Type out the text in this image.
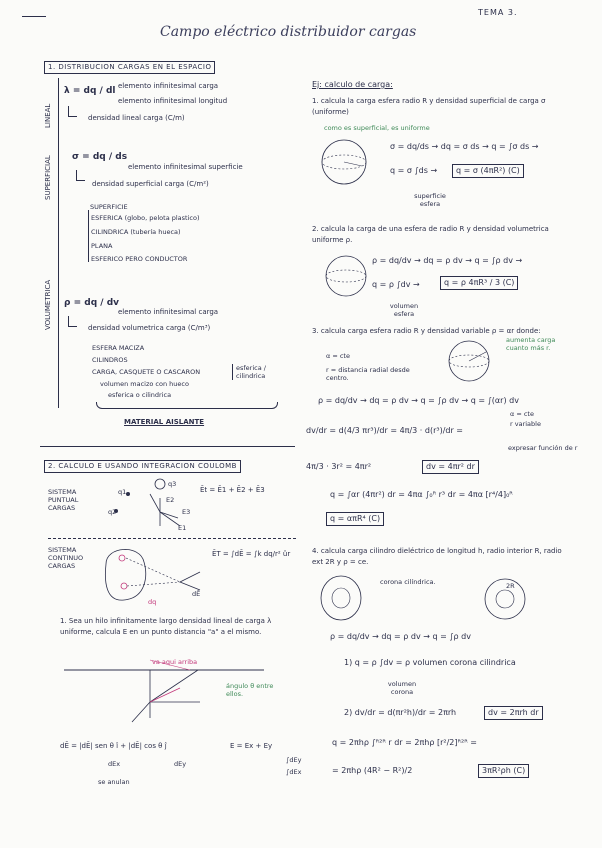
TEMA 3.
Campo eléctrico distribuidor cargas
1. DISTRIBUCION CARGAS EN EL ESPACIO
LINEAL
SUPERFICIAL
VOLUMETRICA
λ = dq / dl elemento infinitesimal carga
elemento infinitesimal longitud
densidad lineal carga (C/m)
σ = dq / ds
elemento infinitesimal superficie
densidad superficial carga (C/m²)
SUPERFICIE
ESFERICA (globo, pelota plastico)
CILINDRICA (tubería hueca)
PLANA
ESFERICO PERO CONDUCTOR
ρ = dq / dv
elemento infinitesimal carga
densidad volumetrica carga (C/m³)
ESFERA MACIZA
CILINDROS
CARGA, CASQUETE O CASCARON	esferica / cilindrica
volumen macizo con hueco
esferica o cilindrica
MATERIAL AISLANTE
2. CALCULO E USANDO INTEGRACION COULOMB
SISTEMA PUNTUAL CARGAS
q1
q2
q3
E1
E2
E3
Ēt = Ē1 + Ē2 + Ē3
SISTEMA CONTINUO CARGAS
dq
dĒ
ĒT = ∫dĒ = ∫k dq/r² ûr
1. Sea un hilo infinitamente largo densidad lineal de carga λ uniforme, calcula E en un punto distancia "a" a el mismo.
va aqui arriba
ángulo θ entre ellos.
dĒ = |dĒ| sen θ î + |dĒ| cos θ ĵ
dEx	dEy
E = Ex + Ey
∫dEy
∫dEx
se anulan
Ej: calculo de carga:
1. calcula la carga esfera radio R y densidad superficial de carga σ (uniforme)
como es superficial, es uniforme
σ = dq/ds → dq = σ ds → q = ∫σ ds →
q = σ ∫ds →	q = σ (4πR²) (C)
superficie esfera
2. calcula la carga de una esfera de radio R y densidad volumetrica uniforme ρ.
ρ = dq/dv → dq = ρ dv → q = ∫ρ dv →
q = ρ ∫dv →	q = ρ 4πR³ / 3 (C)
volumen esfera
3. calcula carga esfera radio R y densidad variable ρ = αr donde:
α = cte
r = distancia radial desde centro.
aumenta carga cuanto más r.
ρ = dq/dv → dq = ρ dv → q = ∫ρ dv → q = ∫(αr) dv
α = cte
r variable
expresar función de r
dv/dr = d(4/3 πr³)/dr = 4π/3 · d(r³)/dr =
4π/3 · 3r² = 4πr²	dv = 4πr² dr
q = ∫αr (4πr²) dr = 4πα ∫₀ᴿ r³ dr = 4πα [r⁴/4]₀ᴿ
q = απR⁴ (C)
4. calcula carga cilindro dieléctrico de longitud h, radio interior R, radio ext 2R y ρ = ce.
corona cilíndrica.	2R
ρ = dq/dv → dq = ρ dv → q = ∫ρ dv
1) q = ρ ∫dv = ρ volumen corona cilindrica
volumen corona
2) dv/dr = d(πr²h)/dr = 2πrh	dv = 2πrh dr
q = 2πhρ ∫ᴿ²ᴿ r dr = 2πhρ [r²/2]ᴿ²ᴿ =
= 2πhρ (4R² − R²)/2	3πR²ρh (C)
